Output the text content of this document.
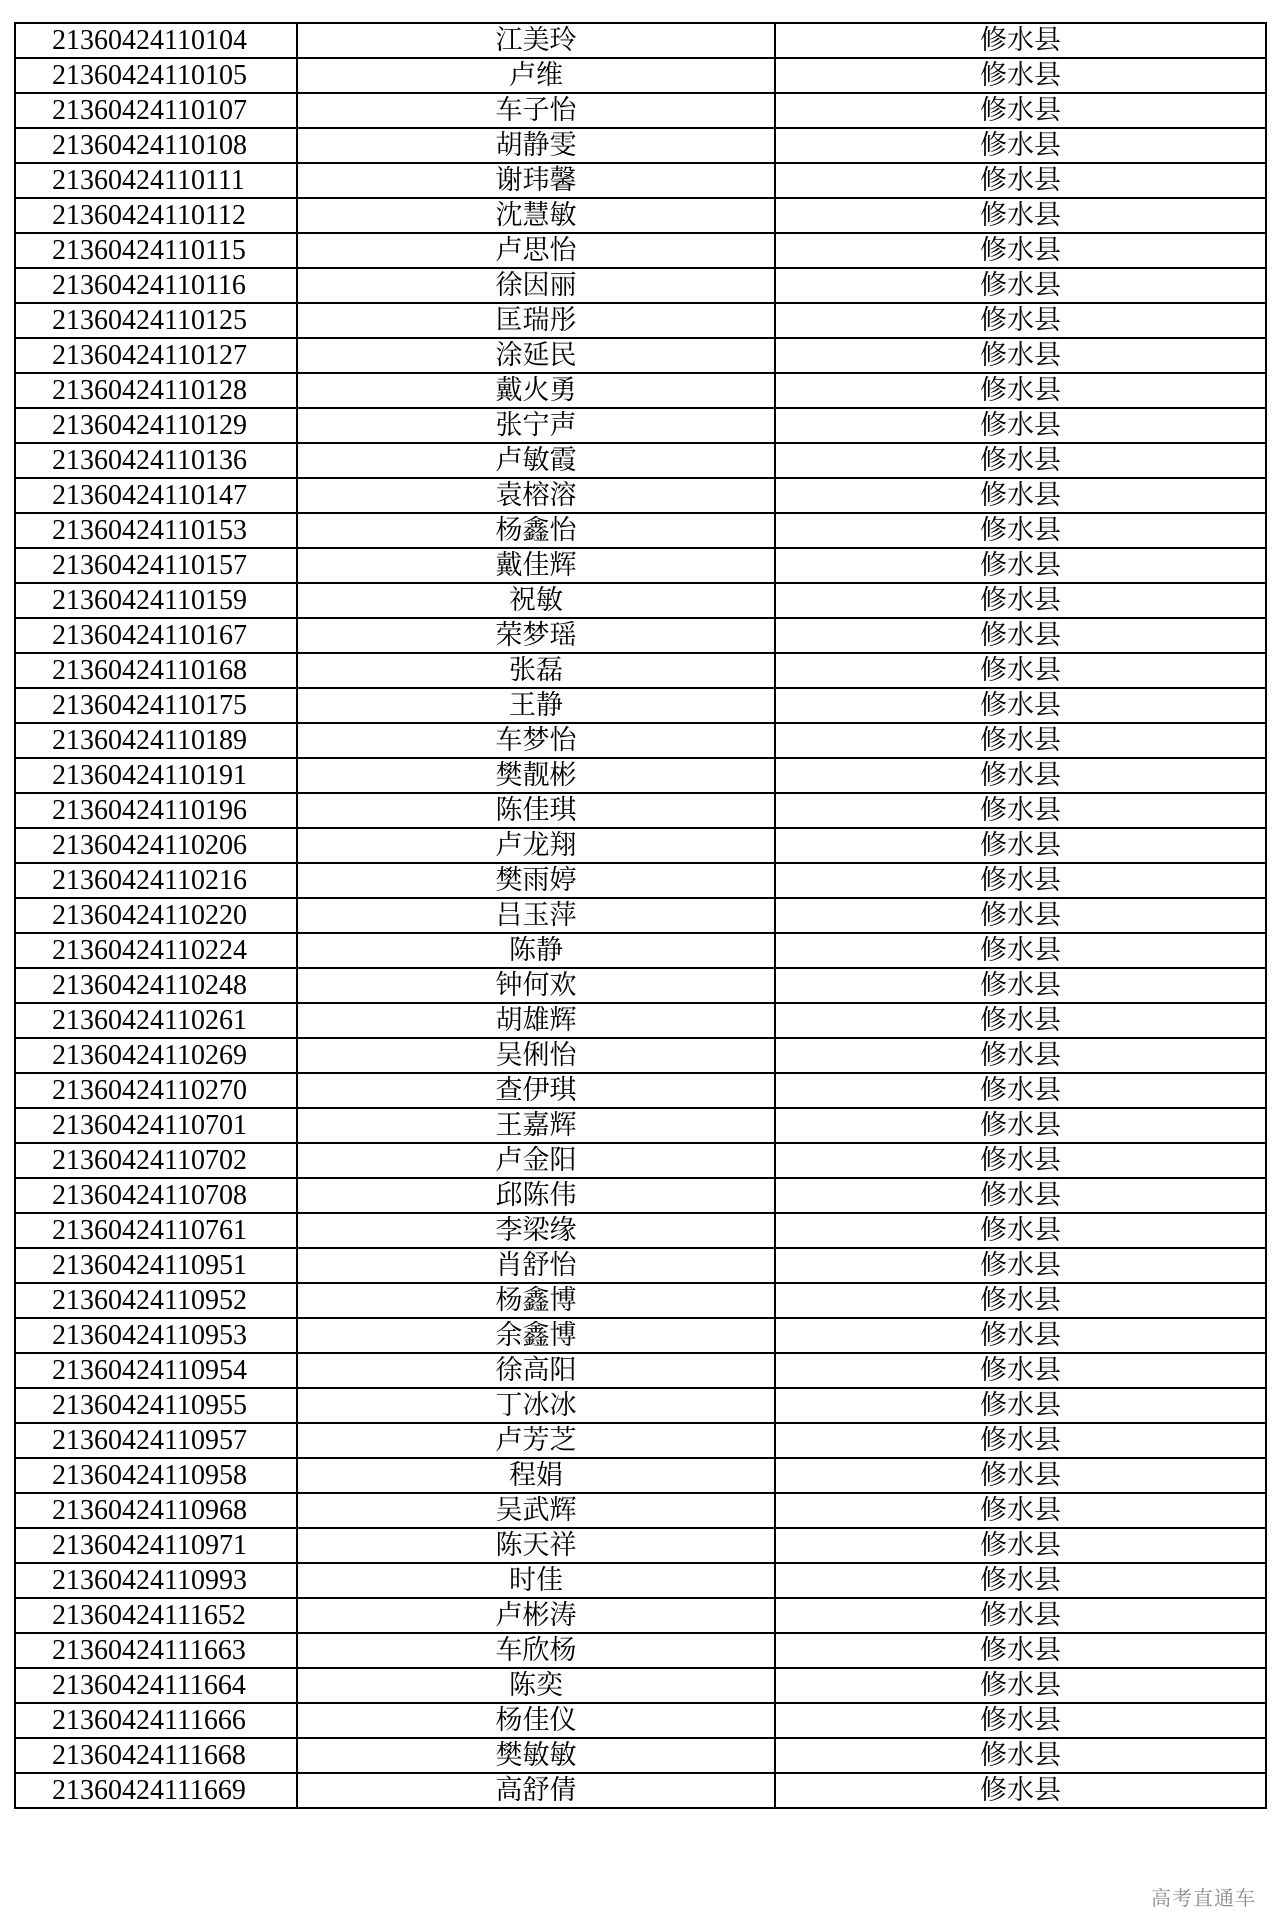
21360424110104	江美玲	修水县
21360424110105	卢维	修水县
21360424110107	车子怡	修水县
21360424110108	胡静雯	修水县
21360424110111	谢玮馨	修水县
21360424110112	沈慧敏	修水县
21360424110115	卢思怡	修水县
21360424110116	徐因丽	修水县
21360424110125	匡瑞彤	修水县
21360424110127	涂延民	修水县
21360424110128	戴火勇	修水县
21360424110129	张宁声	修水县
21360424110136	卢敏霞	修水县
21360424110147	袁榕溶	修水县
21360424110153	杨鑫怡	修水县
21360424110157	戴佳辉	修水县
21360424110159	祝敏	修水县
21360424110167	荣梦瑶	修水县
21360424110168	张磊	修水县
21360424110175	王静	修水县
21360424110189	车梦怡	修水县
21360424110191	樊靓彬	修水县
21360424110196	陈佳琪	修水县
21360424110206	卢龙翔	修水县
21360424110216	樊雨婷	修水县
21360424110220	吕玉萍	修水县
21360424110224	陈静	修水县
21360424110248	钟何欢	修水县
21360424110261	胡雄辉	修水县
21360424110269	吴俐怡	修水县
21360424110270	查伊琪	修水县
21360424110701	王嘉辉	修水县
21360424110702	卢金阳	修水县
21360424110708	邱陈伟	修水县
21360424110761	李梁缘	修水县
21360424110951	肖舒怡	修水县
21360424110952	杨鑫博	修水县
21360424110953	余鑫博	修水县
21360424110954	徐高阳	修水县
21360424110955	丁冰冰	修水县
21360424110957	卢芳芝	修水县
21360424110958	程娟	修水县
21360424110968	吴武辉	修水县
21360424110971	陈天祥	修水县
21360424110993	时佳	修水县
21360424111652	卢彬涛	修水县
21360424111663	车欣杨	修水县
21360424111664	陈奕	修水县
21360424111666	杨佳仪	修水县
21360424111668	樊敏敏	修水县
21360424111669	高舒倩	修水县
高考直通车
